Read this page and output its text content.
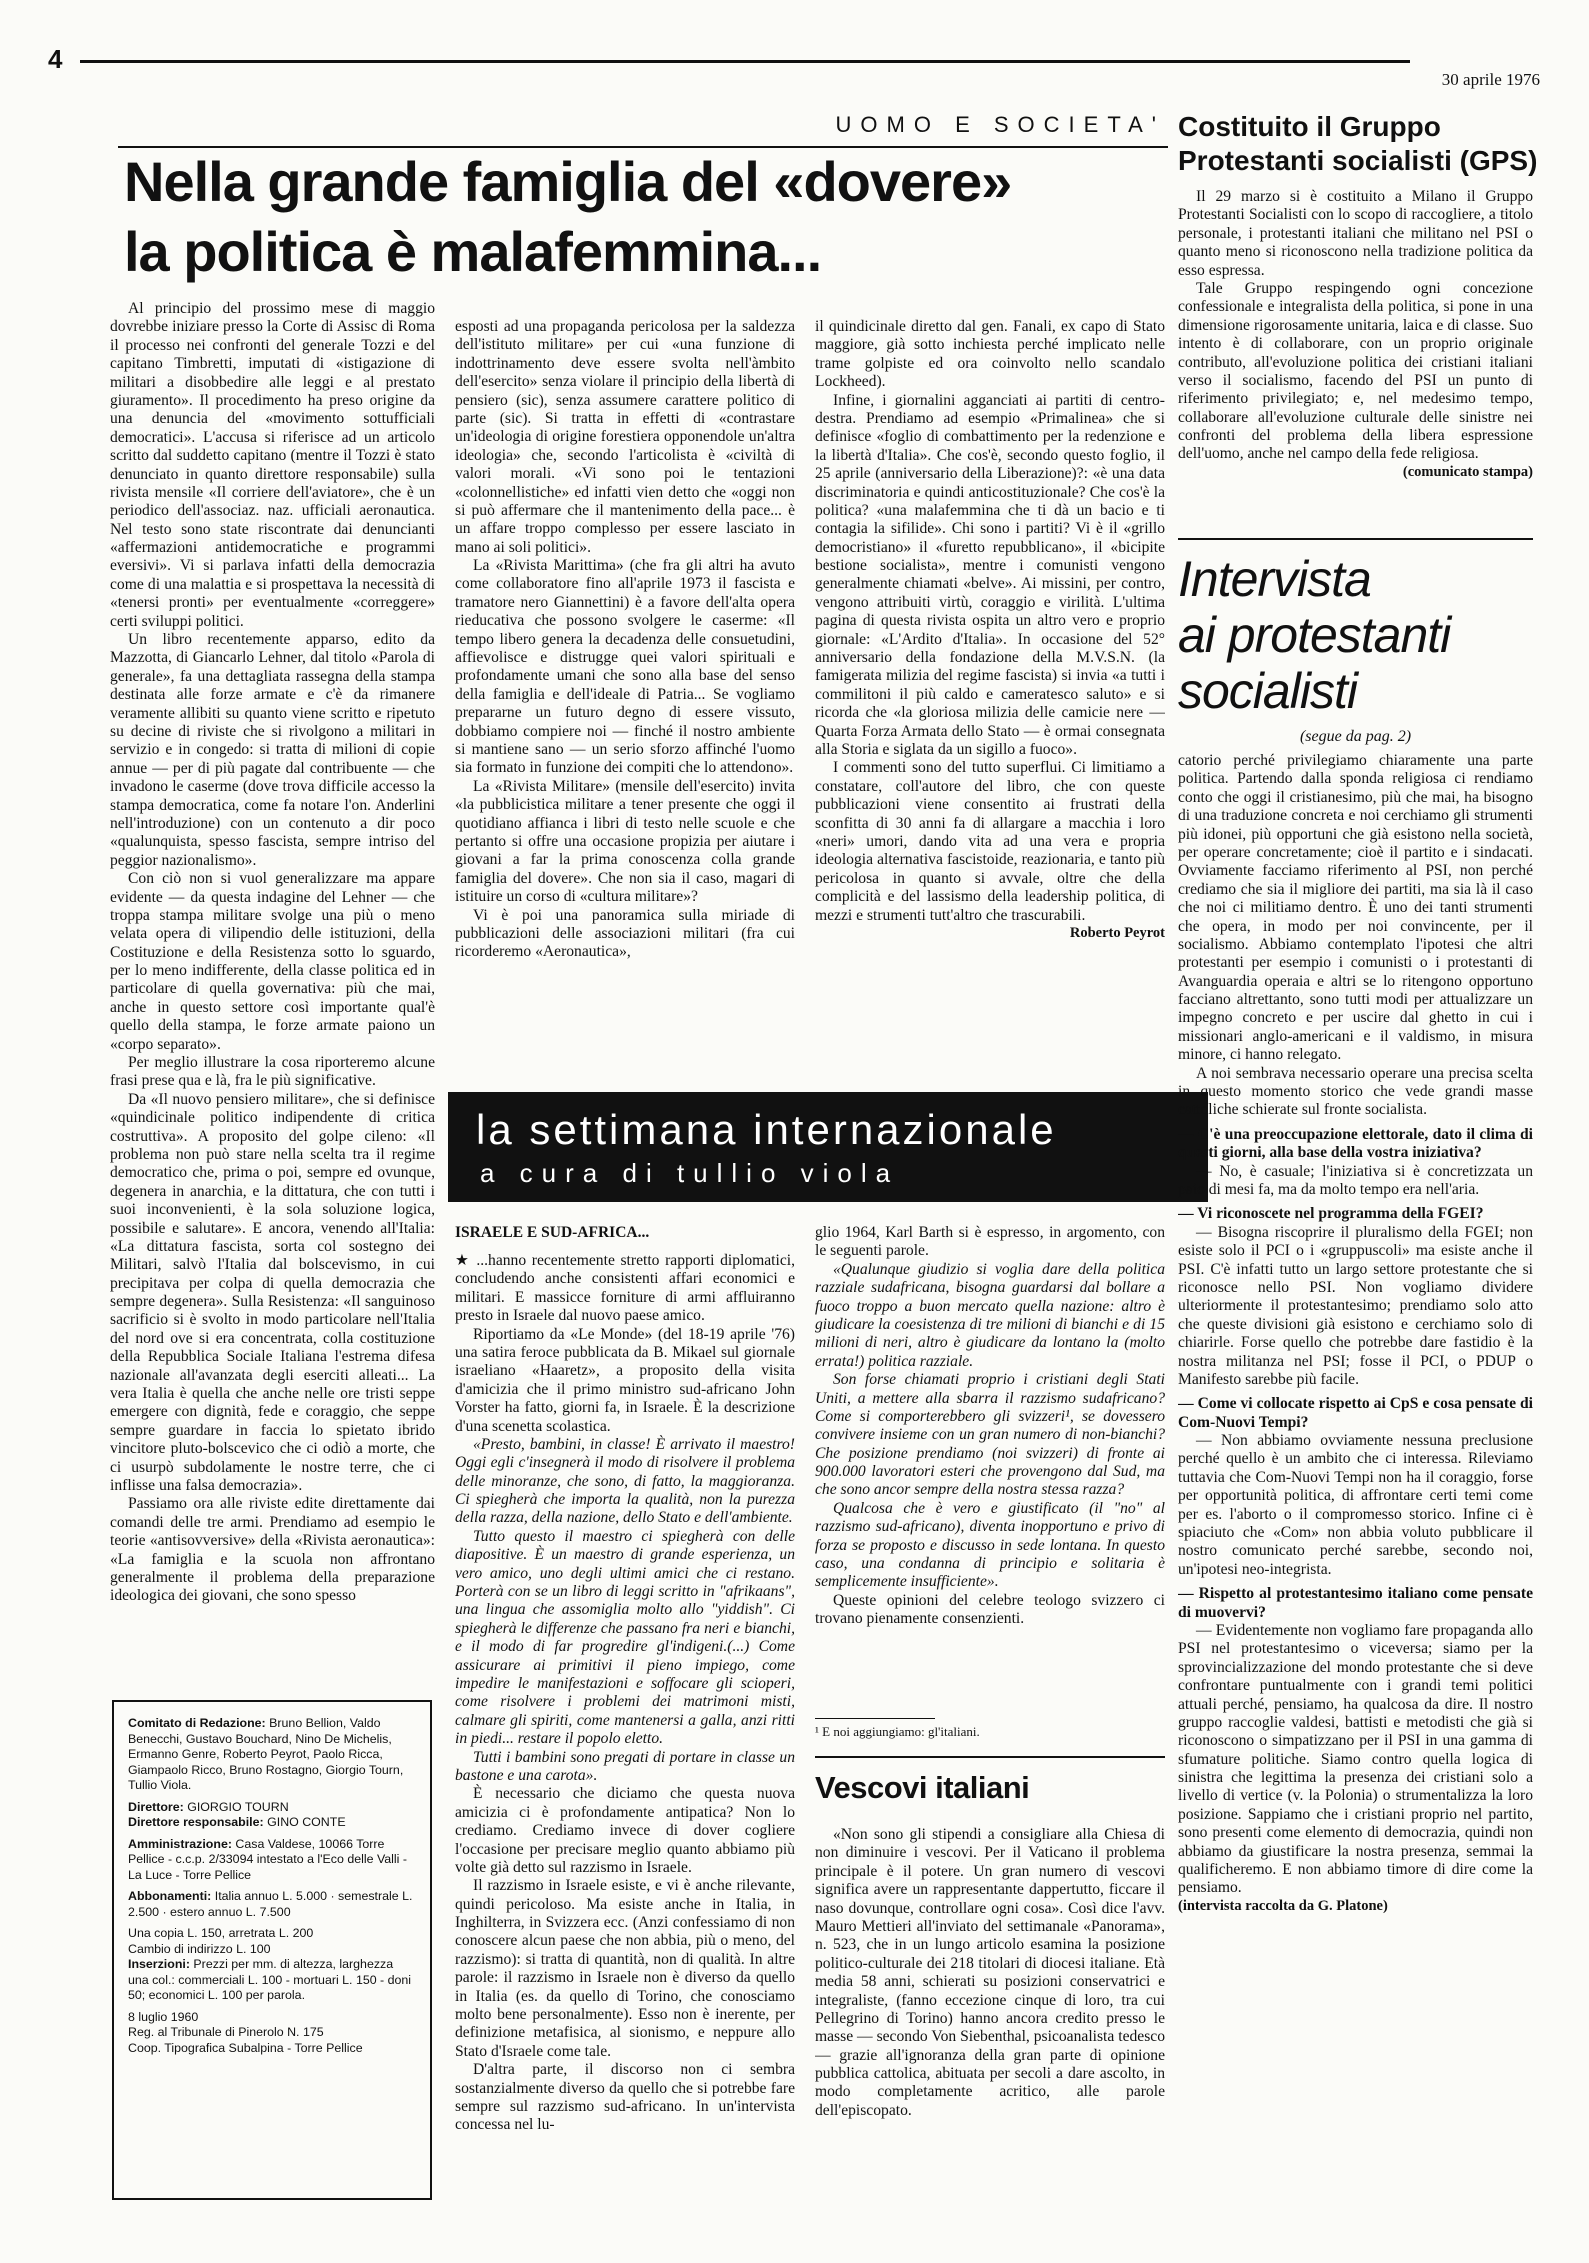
4
30 aprile 1976
UOMO E SOCIETA'
Nella grande famiglia del «dovere»
la politica è malafemmina...

Al principio del prossimo mese di maggio dovrebbe iniziare presso la Corte di Assisc di Roma il processo nei confronti del generale Tozzi e del capitano Timbretti, imputati di «istigazione di militari a disobbedire alle leggi e al prestato giuramento». Il procedimento ha preso origine da una denuncia del «movimento sottufficiali democratici». L'accusa si riferisce ad un articolo scritto dal suddetto capitano (mentre il Tozzi è stato denunciato in quanto direttore responsabile) sulla rivista mensile «Il corriere dell'aviatore», che è un periodico dell'associaz. naz. ufficiali aeronautica. Nel testo sono state riscontrate dai denuncianti «affermazioni antidemocratiche e programmi eversivi». Vi si parlava infatti della democrazia come di una malattia e si prospettava la necessità di «tenersi pronti» per eventualmente «correggere» certi sviluppi politici.

Un libro recentemente apparso, edito da Mazzotta, di Giancarlo Lehner, dal titolo «Parola di generale», fa una dettagliata rassegna della stampa destinata alle forze armate e c'è da rimanere veramente allibiti su quanto viene scritto e ripetuto su decine di riviste che si rivolgono a militari in servizio e in congedo: si tratta di milioni di copie annue — per di più pagate dal contribuente — che invadono le caserme (dove trova difficile accesso la stampa democratica, come fa notare l'on. Anderlini nell'introduzione) con un contenuto a dir poco «qualunquista, spesso fascista, sempre intriso del peggior nazionalismo».

Con ciò non si vuol generalizzare ma appare evidente — da questa indagine del Lehner — che troppa stampa militare svolge una più o meno velata opera di vilipendio delle istituzioni, della Costituzione e della Resistenza sotto lo sguardo, per lo meno indifferente, della classe politica ed in particolare di quella governativa: più che mai, anche in questo settore così importante qual'è quello della stampa, le forze armate paiono un «corpo separato».

Per meglio illustrare la cosa riporteremo alcune frasi prese qua e là, fra le più significative.

Da «Il nuovo pensiero militare», che si definisce «quindicinale politico indipendente di critica costruttiva». A proposito del golpe cileno: «Il problema non può stare nella scelta tra il regime democratico che, prima o poi, sempre ed ovunque, degenera in anarchia, e la dittatura, che con tutti i suoi inconvenienti, è la sola soluzione logica, possibile e salutare». E ancora, venendo all'Italia: «La dittatura fascista, sorta col sostegno dei Militari, salvò l'Italia dal bolscevismo, in cui precipitava per colpa di quella democrazia che sempre degenera». Sulla Resistenza: «Il sanguinoso sacrificio si è svolto in modo particolare nell'Italia del nord ove si era concentrata, colla costituzione della Repubblica Sociale Italiana l'estrema difesa nazionale all'avanzata degli eserciti alleati... La vera Italia è quella che anche nelle ore tristi seppe emergere con dignità, fede e coraggio, che seppe sempre guardare in faccia lo spietato ibrido vincitore pluto-bolscevico che ci odiò a morte, che ci usurpò subdolamente le nostre terre, che ci inflisse una falsa democrazia».

Passiamo ora alle riviste edite direttamente dai comandi delle tre armi. Prendiamo ad esempio le teorie «antisovversive» della «Rivista aeronautica»: «La famiglia e la scuola non affrontano generalmente il problema della preparazione ideologica dei giovani, che sono spesso

esposti ad una propaganda pericolosa per la saldezza dell'istituto militare» per cui «una funzione di indottrinamento deve essere svolta nell'àmbito dell'esercito» senza violare il principio della libertà di pensiero (sic), senza assumere carattere politico di parte (sic). Si tratta in effetti di «contrastare un'ideologia di origine forestiera opponendole un'altra ideologia» che, secondo l'articolista è «civiltà di valori morali. «Vi sono poi le tentazioni «colonnellistiche» ed infatti vien detto che «oggi non si può affermare che il mantenimento della pace... è un affare troppo complesso per essere lasciato in mano ai soli politici».

La «Rivista Marittima» (che fra gli altri ha avuto come collaboratore fino all'aprile 1973 il fascista e tramatore nero Giannettini) è a favore dell'alta opera rieducativa che possono svolgere le caserme: «Il tempo libero genera la decadenza delle consuetudini, affievolisce e distrugge quei valori spirituali e profondamente umani che sono alla base del senso della famiglia e dell'ideale di Patria... Se vogliamo prepararne un futuro degno di essere vissuto, dobbiamo compiere noi — finché il nostro ambiente si mantiene sano — un serio sforzo affinché l'uomo sia formato in funzione dei compiti che lo attendono».

La «Rivista Militare» (mensile dell'esercito) invita «la pubblicistica militare a tener presente che oggi il quotidiano affianca i libri di testo nelle scuole e che pertanto si offre una occasione propizia per aiutare i giovani a far la prima conoscenza colla grande famiglia del dovere». Che non sia il caso, magari di istituire un corso di «cultura militare»?

Vi è poi una panoramica sulla miriade di pubblicazioni delle associazioni militari (fra cui ricorderemo «Aeronautica»,

il quindicinale diretto dal gen. Fanali, ex capo di Stato maggiore, già sotto inchiesta perché implicato nelle trame golpiste ed ora coinvolto nello scandalo Lockheed).

Infine, i giornalini agganciati ai partiti di centro-destra. Prendiamo ad esempio «Primalinea» che si definisce «foglio di combattimento per la redenzione e la libertà d'Italia». Che cos'è, secondo questo foglio, il 25 aprile (anniversario della Liberazione)?: «è una data discriminatoria e quindi anticostituzionale? Che cos'è la politica? «una malafemmina che ti dà un bacio e ti contagia la sifilide». Chi sono i partiti? Vi è il «grillo democristiano» il «furetto repubblicano», il «bicipite bestione socialista», mentre i comunisti vengono generalmente chiamati «belve». Ai missini, per contro, vengono attribuiti virtù, coraggio e virilità. L'ultima pagina di questa rivista ospita un altro vero e proprio giornale: «L'Ardito d'Italia». In occasione del 52° anniversario della fondazione della M.V.S.N. (la famigerata milizia del regime fascista) si invia «a tutti i commilitoni il più caldo e cameratesco saluto» e si ricorda che «la gloriosa milizia delle camicie nere — Quarta Forza Armata dello Stato — è ormai consegnata alla Storia e siglata da un sigillo a fuoco».

I commenti sono del tutto superflui. Ci limitiamo a constatare, coll'autore del libro, che con queste pubblicazioni viene consentito ai frustrati della sconfitta di 30 anni fa di allargare a macchia i loro «neri» umori, dando vita ad una vera e propria ideologia alternativa fascistoide, reazionaria, e tanto più pericolosa in quanto si avvale, oltre che della complicità e del lassismo della leadership politica, di mezzi e strumenti tutt'altro che trascurabili.

Roberto Peyrot

la settimana internazionale
a cura di tullio viola
ISRAELE E SUD-AFRICA...

★ ...hanno recentemente stretto rapporti diplomatici, concludendo anche consistenti affari economici e militari. E massicce forniture di armi affluiranno presto in Israele dal nuovo paese amico.

Riportiamo da «Le Monde» (del 18-19 aprile '76) una satira feroce pubblicata da B. Mikael sul giornale israeliano «Haaretz», a proposito della visita d'amicizia che il primo ministro sud-africano John Vorster ha fatto, giorni fa, in Israele. È la descrizione d'una scenetta scolastica.

«Presto, bambini, in classe! È arrivato il maestro! Oggi egli c'insegnerà il modo di risolvere il problema delle minoranze, che sono, di fatto, la maggioranza. Ci spiegherà che importa la qualità, non la purezza della razza, della nazione, dello Stato e dell'ambiente.

Tutto questo il maestro ci spiegherà con delle diapositive. È un maestro di grande esperienza, un vero amico, uno degli ultimi amici che ci restano. Porterà con se un libro di leggi scritto in "afrikaans", una lingua che assomiglia molto allo "yiddish". Ci spiegherà le differenze che passano fra neri e bianchi, e il modo di far progredire gl'indigeni.(...) Come assicurare ai primitivi il pieno impiego, come impedire le manifestazioni e soffocare gli scioperi, come risolvere i problemi dei matrimoni misti, calmare gli spiriti, come mantenersi a galla, anzi ritti in piedi... restare il popolo eletto.

Tutti i bambini sono pregati di portare in classe un bastone e una carota».

È necessario che diciamo che questa nuova amicizia ci è profondamente antipatica? Non lo crediamo. Crediamo invece di dover cogliere l'occasione per precisare meglio quanto abbiamo più volte già detto sul razzismo in Israele.

Il razzismo in Israele esiste, e vi è anche rilevante, quindi pericoloso. Ma esiste anche in Italia, in Inghilterra, in Svizzera ecc. (Anzi confessiamo di non conoscere alcun paese che non abbia, più o meno, del razzismo): si tratta di quantità, non di qualità. In altre parole: il razzismo in Israele non è diverso da quello in Italia (es. da quello di Torino, che conosciamo molto bene personalmente). Esso non è inerente, per definizione metafisica, al sionismo, e neppure allo Stato d'Israele come tale.

D'altra parte, il discorso non ci sembra sostanzialmente diverso da quello che si potrebbe fare sempre sul razzismo sud-africano. In un'intervista concessa nel lu-

glio 1964, Karl Barth si è espresso, in argomento, con le seguenti parole.

«Qualunque giudizio si voglia dare della politica razziale sudafricana, bisogna guardarsi dal bollare a fuoco troppo a buon mercato quella nazione: altro è giudicare la coesistenza di tre milioni di bianchi e di 15 milioni di neri, altro è giudicare da lontano la (molto errata!) politica razziale.

Son forse chiamati proprio i cristiani degli Stati Uniti, a mettere alla sbarra il razzismo sudafricano? Come si comporterebbero gli svizzeri¹, se dovessero convivere insieme con un gran numero di non-bianchi? Che posizione prendiamo (noi svizzeri) di fronte ai 900.000 lavoratori esteri che provengono dal Sud, ma che sono ancor sempre della nostra stessa razza?

Qualcosa che è vero e giustificato (il "no" al razzismo sud-africano), diventa inopportuno e privo di forza se proposto e discusso in sede lontana. In questo caso, una condanna di principio e solitaria è semplicemente insufficiente».

Queste opinioni del celebre teologo svizzero ci trovano pienamente consenzienti.

¹ E noi aggiungiamo: gl'italiani.
Vescovi italiani

«Non sono gli stipendi a consigliare alla Chiesa di non diminuire i vescovi. Per il Vaticano il problema principale è il potere. Un gran numero di vescovi significa avere un rappresentante dappertutto, ficcare il naso dovunque, controllare ogni cosa». Così dice l'avv. Mauro Mettieri all'inviato del settimanale «Panorama», n. 523, che in un lungo articolo esamina la posizione politico-culturale dei 218 titolari di diocesi italiane. Età media 58 anni, schierati su posizioni conservatrici e integraliste, (fanno eccezione cinque di loro, tra cui Pellegrino di Torino) hanno ancora credito presso le masse — secondo Von Siebenthal, psicoanalista tedesco — grazie all'ignoranza della gran parte di opinione pubblica cattolica, abituata per secoli a dare ascolto, in modo completamente acritico, alle parole dell'episcopato.

Comitato di Redazione: Bruno Bellion, Valdo Benecchi, Gustavo Bouchard, Nino De Michelis, Ermanno Genre, Roberto Peyrot, Paolo Ricca, Giampaolo Ricco, Bruno Rostagno, Giorgio Tourn, Tullio Viola.
Direttore: GIORGIO TOURN
Direttore responsabile: GINO CONTE
Amministrazione: Casa Valdese, 10066 Torre Pellice - c.c.p. 2/33094 intestato a l'Eco delle Valli - La Luce - Torre Pellice
Abbonamenti: Italia annuo L. 5.000 · semestrale L. 2.500 · estero annuo L. 7.500
Una copia L. 150, arretrata L. 200
Cambio di indirizzo L. 100
Inserzioni: Prezzi per mm. di altezza, larghezza una col.: commerciali L. 100 - mortuari L. 150 - doni 50; economici L. 100 per parola.
8 luglio 1960
Reg. al Tribunale di Pinerolo N. 175
Coop. Tipografica Subalpina - Torre Pellice
Costituito il Gruppo
Protestanti socialisti (GPS)

Il 29 marzo si è costituito a Milano il Gruppo Protestanti Socialisti con lo scopo di raccogliere, a titolo personale, i protestanti italiani che militano nel PSI o quanto meno si riconoscono nella tradizione politica da esso espressa.

Tale Gruppo respingendo ogni concezione confessionale e integralista della politica, si pone in una dimensione rigorosamente unitaria, laica e di classe. Suo intento è di collaborare, con un proprio originale contributo, all'evoluzione politica dei cristiani italiani verso il socialismo, facendo del PSI un punto di riferimento privilegiato; e, nel medesimo tempo, collaborare all'evoluzione culturale delle sinistre nei confronti del problema della libera espressione dell'uomo, anche nel campo della fede religiosa.

(comunicato stampa)

Intervista
ai protestanti
socialisti
(segue da pag. 2)

catorio perché privilegiamo chiaramente una parte politica. Partendo dalla sponda religiosa ci rendiamo conto che oggi il cristianesimo, più che mai, ha bisogno di una traduzione concreta e noi cerchiamo gli strumenti più idonei, più opportuni che già esistono nella società, per operare concretamente; cioè il partito e i sindacati. Ovviamente facciamo riferimento al PSI, non perché crediamo che sia il migliore dei partiti, ma sia là il caso che noi ci militiamo dentro. È uno dei tanti strumenti che opera, in modo per noi convincente, per il socialismo. Abbiamo contemplato l'ipotesi che altri protestanti per esempio i comunisti o i protestanti di Avanguardia operaia e altri se lo ritengono opportuno facciano altrettanto, sono tutti modi per attualizzare un impegno concreto e per uscire dal ghetto in cui i missionari anglo-americani e il valdismo, in misura minore, ci hanno relegato.

A noi sembrava necessario operare una precisa scelta in questo momento storico che vede grandi masse cattoliche schierate sul fronte socialista.

— C'è una preoccupazione elettorale, dato il clima di questi giorni, alla base della vostra iniziativa?

— No, è casuale; l'iniziativa si è concretizzata un paio di mesi fa, ma da molto tempo era nell'aria.

— Vi riconoscete nel programma della FGEI?

— Bisogna riscoprire il pluralismo della FGEI; non esiste solo il PCI o i «gruppuscoli» ma esiste anche il PSI. C'è infatti tutto un largo settore protestante che si riconosce nello PSI. Non vogliamo dividere ulteriormente il protestantesimo; prendiamo solo atto che queste divisioni già esistono e cerchiamo solo di chiarirle. Forse quello che potrebbe dare fastidio è la nostra militanza nel PSI; fosse il PCI, o PDUP o Manifesto sarebbe più facile.

— Come vi collocate rispetto ai CpS e cosa pensate di Com-Nuovi Tempi?

— Non abbiamo ovviamente nessuna preclusione perché quello è un ambito che ci interessa. Rileviamo tuttavia che Com-Nuovi Tempi non ha il coraggio, forse per opportunità politica, di affrontare certi temi come per es. l'aborto o il compromesso storico. Infine ci è spiaciuto che «Com» non abbia voluto pubblicare il nostro comunicato perché sarebbe, secondo noi, un'ipotesi neo-integrista.

— Rispetto al protestantesimo italiano come pensate di muovervi?

— Evidentemente non vogliamo fare propaganda allo PSI nel protestantesimo o viceversa; siamo per la sprovincializzazione del mondo protestante che si deve confrontare puntualmente con i grandi temi politici attuali perché, pensiamo, ha qualcosa da dire. Il nostro gruppo raccoglie valdesi, battisti e metodisti che già si riconoscono o simpatizzano per il PSI in una gamma di sfumature politiche. Siamo contro quella logica di sinistra che legittima la presenza dei cristiani solo a livello di vertice (v. la Polonia) o strumentalizza la loro posizione. Sappiamo che i cristiani proprio nel partito, sono presenti come elemento di democrazia, quindi non abbiamo da giustificare la nostra presenza, semmai la qualificheremo. E non abbiamo timore di dire come la pensiamo.

(intervista raccolta da G. Platone)
